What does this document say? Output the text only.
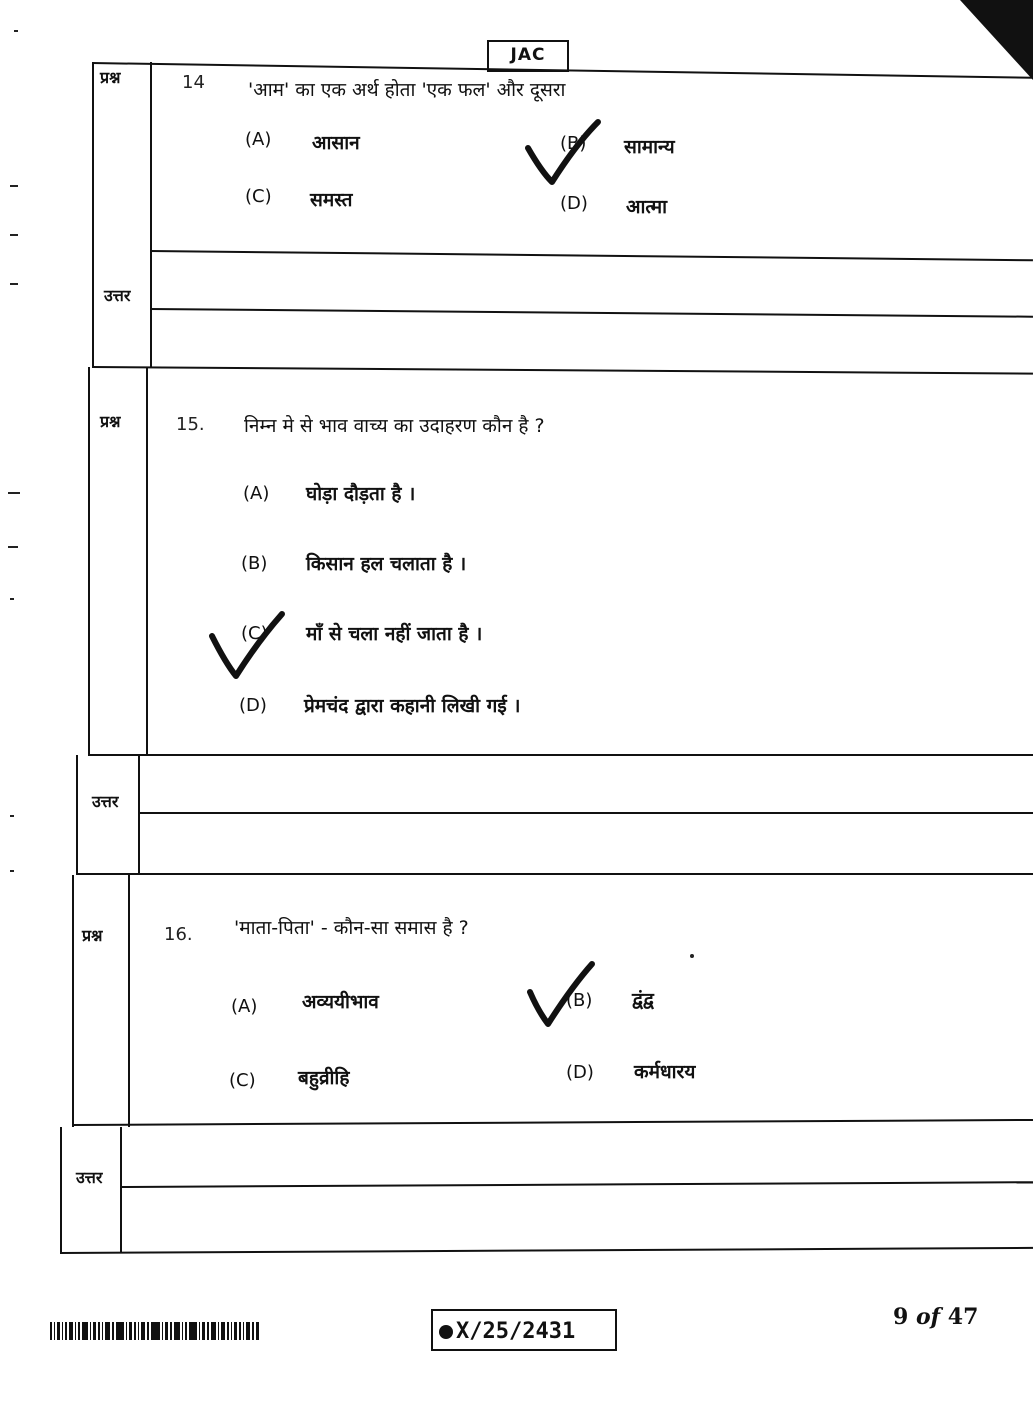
JAC
प्रश्न	14 'आम' का एक अर्थ होता 'एक फल' और दूसरा
(A) आसान	(B) सामान्य
(C) समस्त	(D) आत्मा
उत्तर
प्रश्न	15. निम्न मे से भाव वाच्य का उदाहरण कौन है ?
(A) घोड़ा दौड़ता है ।
(B) किसान हल चलाता है ।
(C) माँ से चला नहीं जाता है ।
(D) प्रेमचंद द्वारा कहानी लिखी गई ।
उत्तर
प्रश्न	16. 'माता-पिता' - कौन-सा समास है ?
(A) अव्ययीभाव	(B) द्वंद्व
(C) बहुव्रीहि	(D) कर्मधारय
उत्तर
X/25/2431
9 of 47
